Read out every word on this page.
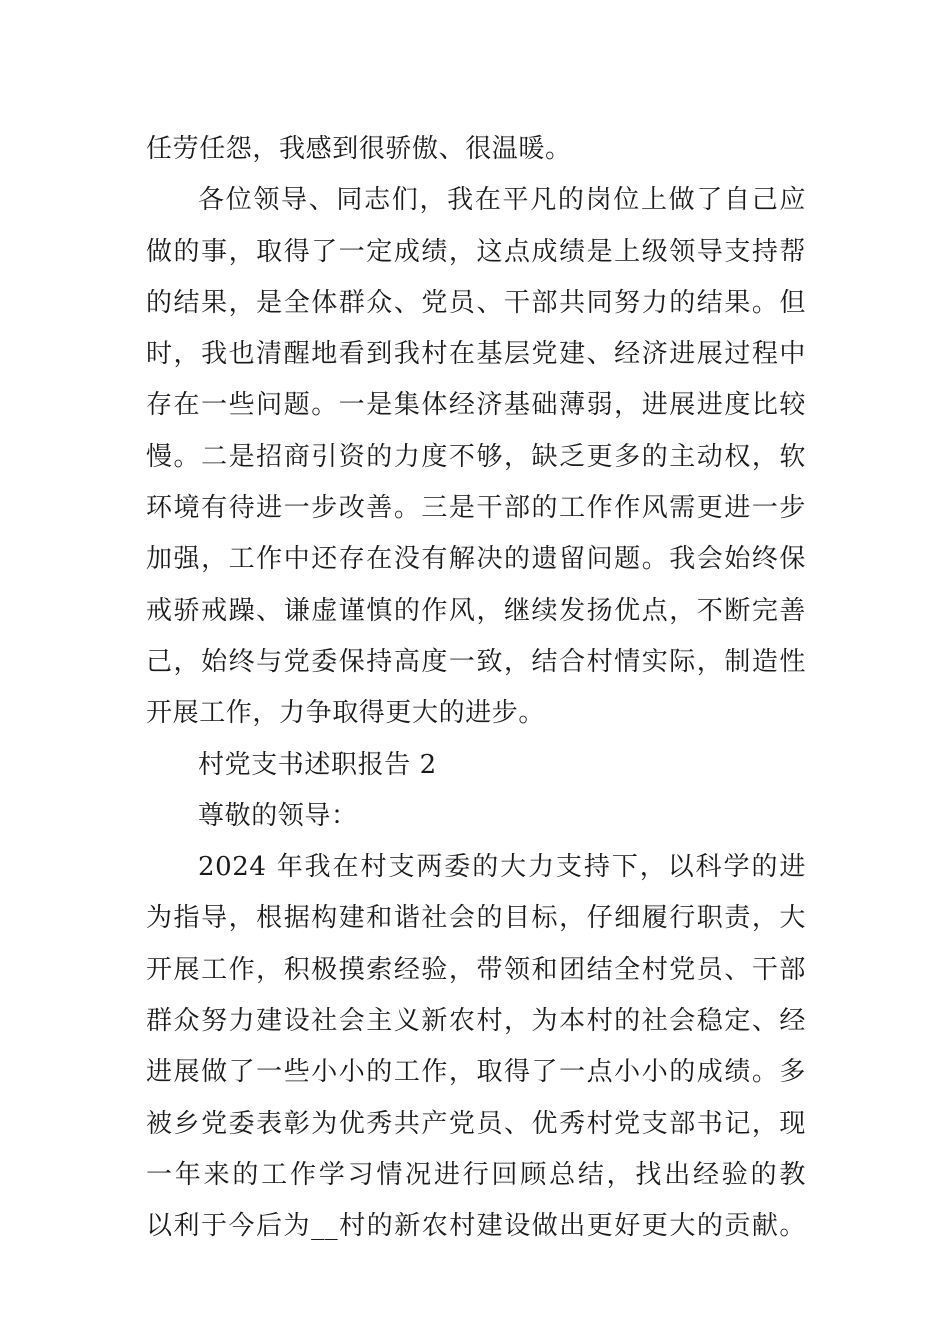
任劳任怨，我感到很骄傲、很温暖。
各位领导、同志们，我在平凡的岗位上做了自己应
做的事，取得了一定成绩，这点成绩是上级领导支持帮
的结果，是全体群众、党员、干部共同努力的结果。但
时，我也清醒地看到我村在基层党建、经济进展过程中
存在一些问题。一是集体经济基础薄弱，进展进度比较
慢。二是招商引资的力度不够，缺乏更多的主动权，软
环境有待进一步改善。三是干部的工作作风需更进一步
加强，工作中还存在没有解决的遗留问题。我会始终保
戒骄戒躁、谦虚谨慎的作风，继续发扬优点，不断完善
己，始终与党委保持高度一致，结合村情实际，制造性
开展工作，力争取得更大的进步。
村党支书述职报告 2
尊敬的领导：
2024 年我在村支两委的大力支持下，以科学的进
为指导，根据构建和谐社会的目标，仔细履行职责，大
开展工作，积极摸索经验，带领和团结全村党员、干部
群众努力建设社会主义新农村，为本村的社会稳定、经
进展做了一些小小的工作，取得了一点小小的成绩。多
被乡党委表彰为优秀共产党员、优秀村党支部书记，现
一年来的工作学习情况进行回顾总结，找出经验的教
以利于今后为__村的新农村建设做出更好更大的贡献。
